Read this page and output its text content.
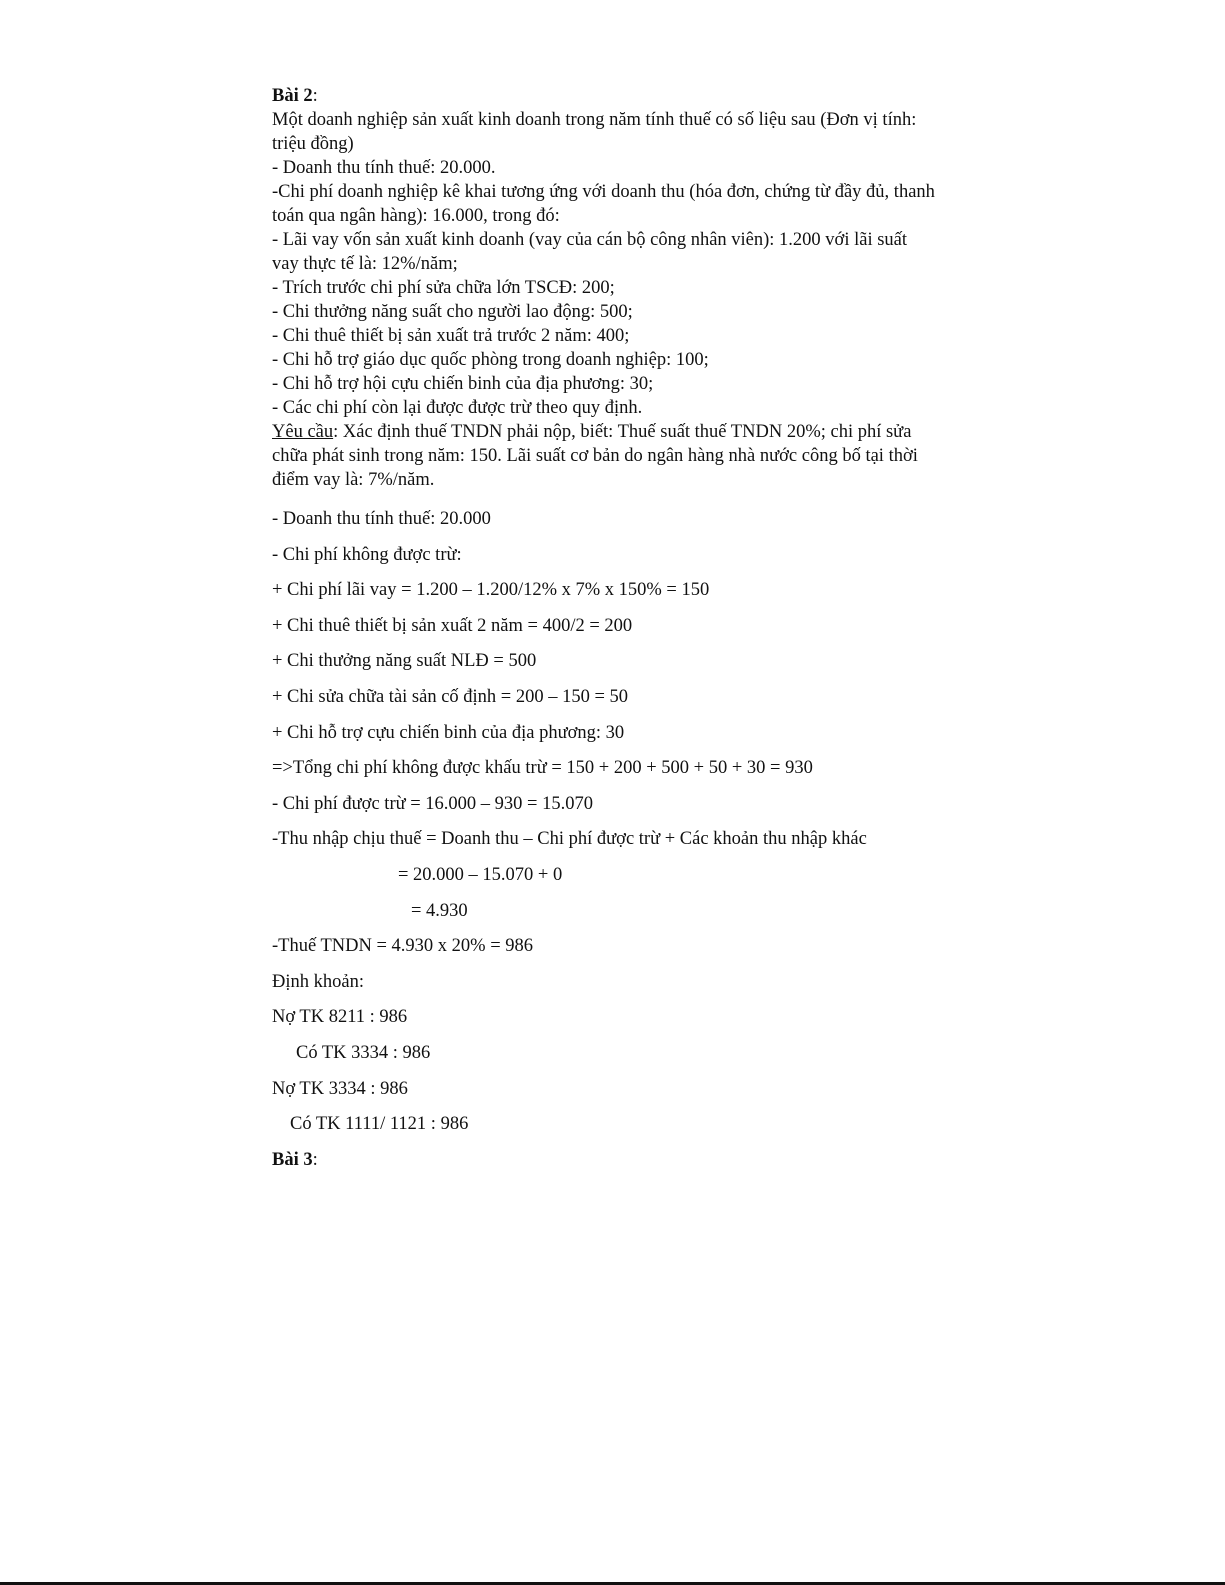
Bài 2:
Một doanh nghiệp sản xuất kinh doanh trong năm tính thuế có số liệu sau (Đơn vị tính:
triệu đồng)
- Doanh thu tính thuế: 20.000.
-Chi phí doanh nghiệp kê khai tương ứng với doanh thu (hóa đơn, chứng từ đầy đủ, thanh
toán qua ngân hàng): 16.000, trong đó:
- Lãi vay vốn sản xuất kinh doanh (vay của cán bộ công nhân viên): 1.200 với lãi suất
vay thực tế là: 12%/năm;
- Trích trước chi phí sửa chữa lớn TSCĐ: 200;
- Chi thưởng năng suất cho người lao động: 500;
- Chi thuê thiết bị sản xuất trả trước 2 năm: 400;
- Chi hỗ trợ giáo dục quốc phòng trong doanh nghiệp: 100;
- Chi hỗ trợ hội cựu chiến binh của địa phương: 30;
- Các chi phí còn lại được được trừ theo quy định.
Yêu cầu: Xác định thuế TNDN phải nộp, biết: Thuế suất thuế TNDN 20%; chi phí sửa
chữa phát sinh trong năm: 150. Lãi suất cơ bản do ngân hàng nhà nước công bố tại thời
điểm vay là: 7%/năm.
- Doanh thu tính thuế: 20.000
- Chi phí không được trừ:
+ Chi phí lãi vay = 1.200 – 1.200/12% x 7% x 150% = 150
+ Chi thuê thiết bị sản xuất 2 năm = 400/2 = 200
+ Chi thưởng năng suất NLĐ = 500
+ Chi sửa chữa tài sản cố định = 200 – 150 = 50
+ Chi hỗ trợ cựu chiến binh của địa phương: 30
=>Tổng chi phí không được khấu trừ = 150 + 200 + 500 + 50 + 30 = 930
- Chi phí được trừ = 16.000 – 930 = 15.070
-Thu nhập chịu thuế = Doanh thu – Chi phí được trừ + Các khoản thu nhập khác
= 20.000 – 15.070 + 0
= 4.930
-Thuế TNDN = 4.930 x 20% = 986
Định khoản:
Nợ TK 8211 : 986
Có TK 3334 : 986
Nợ TK 3334 : 986
Có TK 1111/ 1121 : 986
Bài 3:
